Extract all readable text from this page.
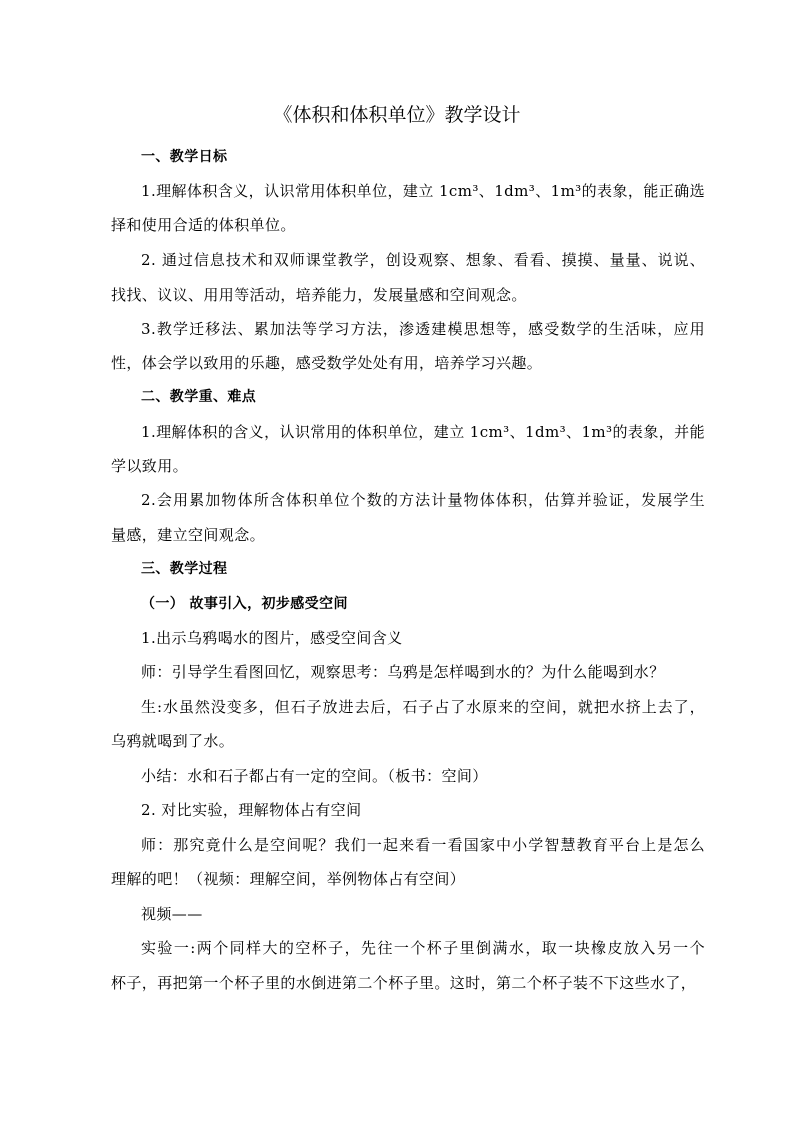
《体积和体积单位》教学设计
一、教学日标
1.理解体积含义，认识常用体积单位，建立 1cm³、1dm³、1m³的表象，能正确选
择和使用合适的体积单位。
2. 通过信息技术和双师课堂教学，创设观察、想象、看看、摸摸、量量、说说、
找找、议议、用用等活动，培养能力，发展量感和空间观念。
3.教学迁移法、累加法等学习方法，渗透建模思想等，感受数学的生活味，应用
性，体会学以致用的乐趣，感受数学处处有用，培养学习兴趣。
二、教学重、难点
1.理解体积的含义，认识常用的体积单位，建立 1cm³、1dm³、1m³的表象，并能
学以致用。
2.会用累加物体所含体积单位个数的方法计量物体体积，估算并验证，发展学生
量感，建立空间观念。
三、教学过程
（一） 故事引入，初步感受空间
1.出示乌鸦喝水的图片，感受空间含义
师：引导学生看图回忆，观察思考：乌鸦是怎样喝到水的？为什么能喝到水？
生:水虽然没变多，但石子放进去后，石子占了水原来的空间，就把水挤上去了，
乌鸦就喝到了水。
小结：水和石子都占有一定的空间。（板书：空间）
2. 对比实验，理解物体占有空间
师：那究竟什么是空间呢？我们一起来看一看国家中小学智慧教育平台上是怎么
理解的吧！（视频：理解空间，举例物体占有空间）
视频——
实验一:两个同样大的空杯子，先往一个杯子里倒满水，取一块橡皮放入另一个
杯子，再把第一个杯子里的水倒进第二个杯子里。这时，第二个杯子装不下这些水了，
